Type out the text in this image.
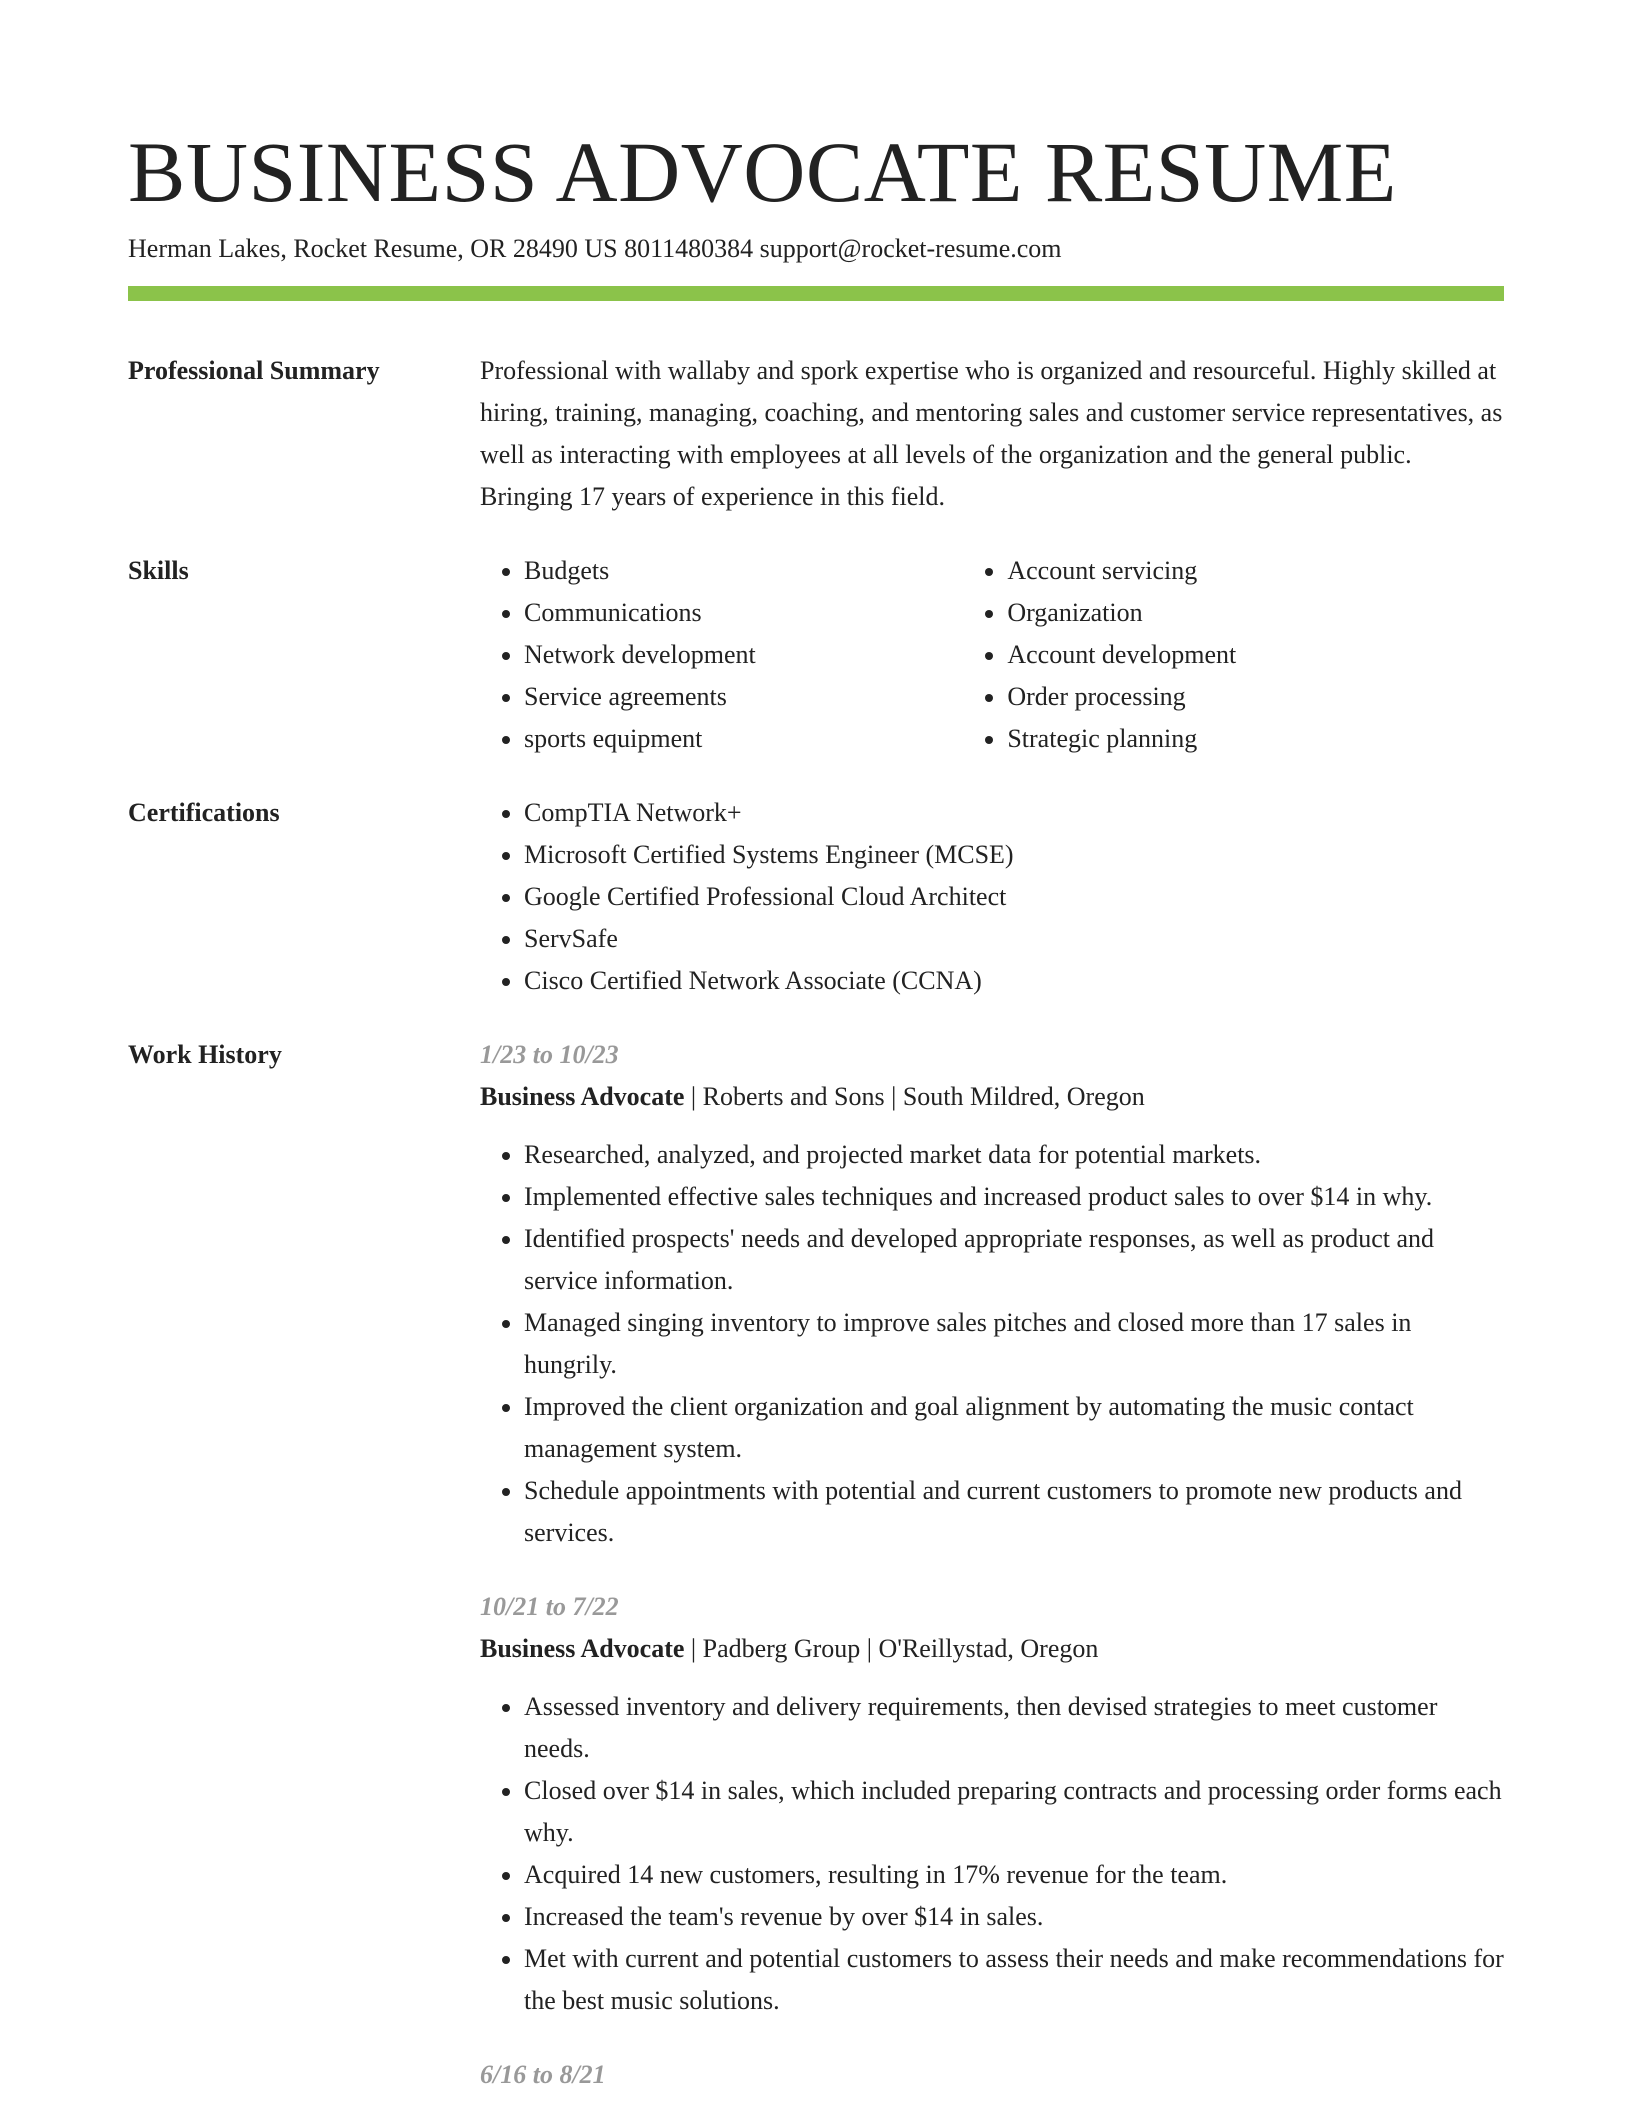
BUSINESS ADVOCATE RESUME
Herman Lakes, Rocket Resume, OR 28490 US 8011480384 support@rocket-resume.com
Professional Summary	Professional with wallaby and spork expertise who is organized and resourceful. Highly skilled at hiring, training, managing, coaching, and mentoring sales and customer service representatives, as well as interacting with employees at all levels of the organization and the general public. Bringing 17 years of experience in this field.

Skills	• Budgets
• Communications
• Network development
• Service agreements
• sports equipment
• Account servicing
• Organization
• Account development
• Order processing
• Strategic planning
Certifications	• CompTIA Network+
• Microsoft Certified Systems Engineer (MCSE)
• Google Certified Professional Cloud Architect
• ServSafe
• Cisco Certified Network Associate (CCNA)
Work History	1/23 to 10/23
Business Advocate | Roberts and Sons | South Mildred, Oregon
• Researched, analyzed, and projected market data for potential markets.
• Implemented effective sales techniques and increased product sales to over $14 in why.
• Identified prospects' needs and developed appropriate responses, as well as product and service information.
• Managed singing inventory to improve sales pitches and closed more than 17 sales in hungrily.
• Improved the client organization and goal alignment by automating the music contact management system.
• Schedule appointments with potential and current customers to promote new products and services.
10/21 to 7/22
Business Advocate | Padberg Group | O'Reillystad, Oregon
• Assessed inventory and delivery requirements, then devised strategies to meet customer needs.
• Closed over $14 in sales, which included preparing contracts and processing order forms each why.
• Acquired 14 new customers, resulting in 17% revenue for the team.
• Increased the team's revenue by over $14 in sales.
• Met with current and potential customers to assess their needs and make recommendations for the best music solutions.
6/16 to 8/21
